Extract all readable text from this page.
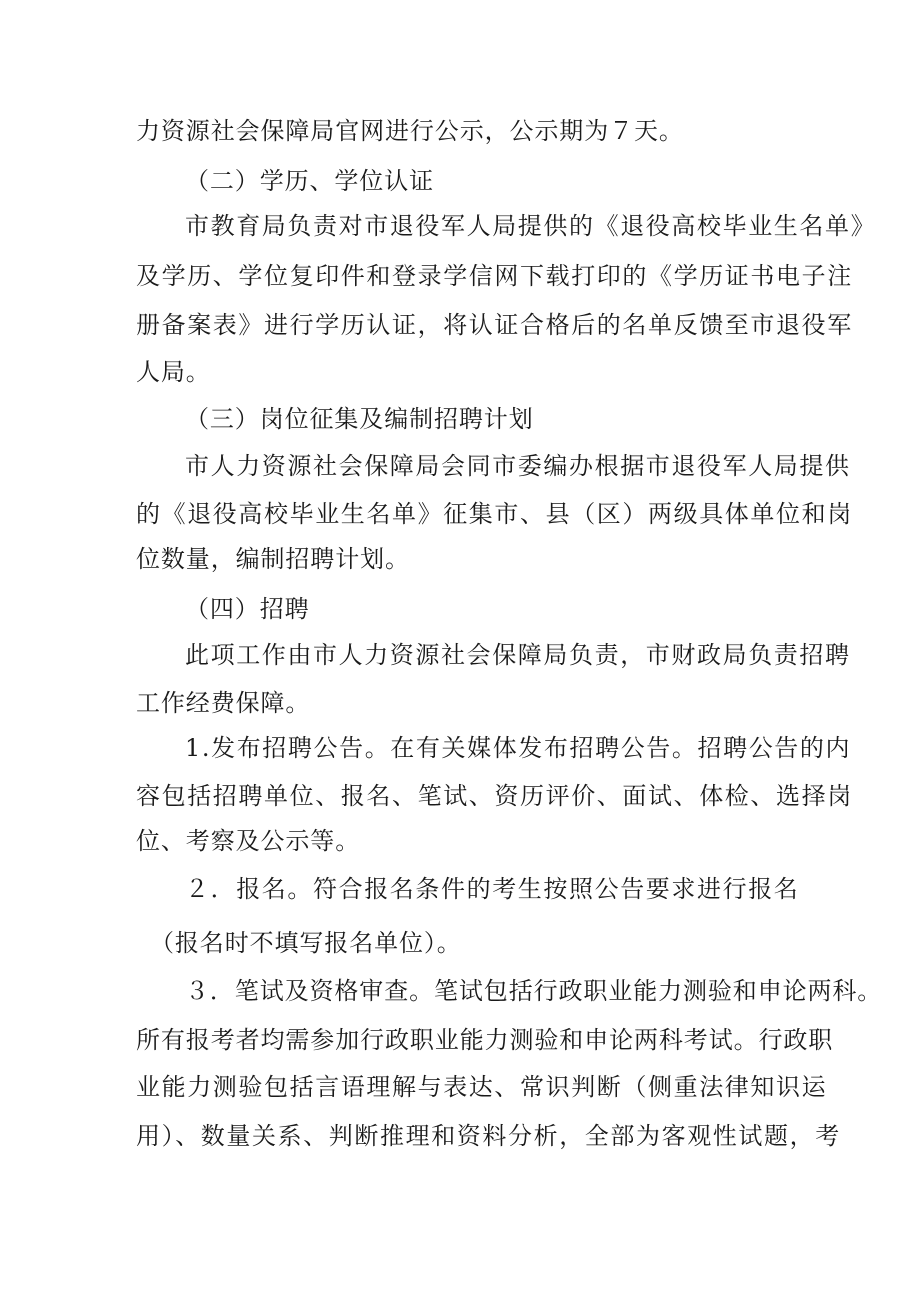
力资源社会保障局官网进行公示，公示期为７天。
（二）学历、学位认证
市教育局负责对市退役军人局提供的《退役高校毕业生名单》
及学历、学位复印件和登录学信网下载打印的《学历证书电子注
册备案表》进行学历认证，将认证合格后的名单反馈至市退役军
人局。
（三）岗位征集及编制招聘计划
市人力资源社会保障局会同市委编办根据市退役军人局提供
的《退役高校毕业生名单》征集市、县（区）两级具体单位和岗
位数量，编制招聘计划。
（四）招聘
此项工作由市人力资源社会保障局负责，市财政局负责招聘
工作经费保障。
1.发布招聘公告。在有关媒体发布招聘公告。招聘公告的内
容包括招聘单位、报名、笔试、资历评价、面试、体检、选择岗
位、考察及公示等。
２．报名。符合报名条件的考生按照公告要求进行报名
（报名时不填写报名单位）。
３．笔试及资格审查。笔试包括行政职业能力测验和申论两科。
所有报考者均需参加行政职业能力测验和申论两科考试。行政职
业能力测验包括言语理解与表达、常识判断（侧重法律知识运
用）、数量关系、判断推理和资料分析，全部为客观性试题，考
